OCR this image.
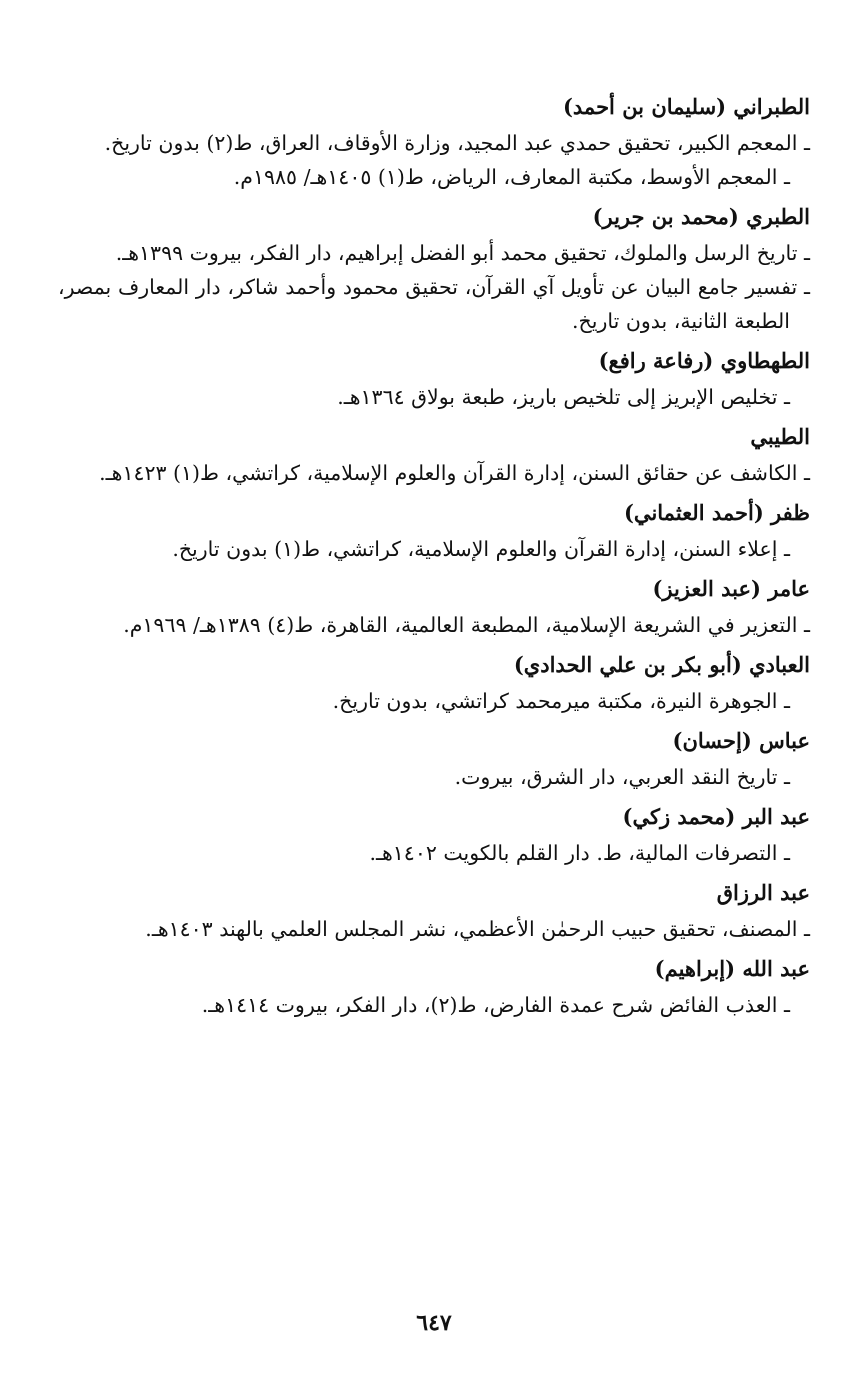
الطبراني (سليمان بن أحمد)
ـ المعجم الكبير، تحقيق حمدي عبد المجيد، وزارة الأوقاف، العراق، ط(٢) بدون تاريخ.
ـ المعجم الأوسط، مكتبة المعارف، الرياض، ط(١) ١٤٠٥هـ/ ١٩٨٥م.
الطبري (محمد بن جرير)
ـ تاريخ الرسل والملوك، تحقيق محمد أبو الفضل إبراهيم، دار الفكر، بيروت ١٣٩٩هـ.
ـ تفسير جامع البيان عن تأويل آي القرآن، تحقيق محمود وأحمد شاكر، دار المعارف بمصر، الطبعة الثانية، بدون تاريخ.
الطهطاوي (رفاعة رافع)
ـ تخليص الإبريز إلى تلخيص باريز، طبعة بولاق ١٣٦٤هـ.
الطيبي
ـ الكاشف عن حقائق السنن، إدارة القرآن والعلوم الإسلامية، كراتشي، ط(١) ١٤٢٣هـ.
ظفر (أحمد العثماني)
ـ إعلاء السنن، إدارة القرآن والعلوم الإسلامية، كراتشي، ط(١) بدون تاريخ.
عامر (عبد العزيز)
ـ التعزير في الشريعة الإسلامية، المطبعة العالمية، القاهرة، ط(٤) ١٣٨٩هـ/ ١٩٦٩م.
العبادي (أبو بكر بن علي الحدادي)
ـ الجوهرة النيرة، مكتبة ميرمحمد كراتشي، بدون تاريخ.
عباس (إحسان)
ـ تاريخ النقد العربي، دار الشرق، بيروت.
عبد البر (محمد زكي)
ـ التصرفات المالية، ط. دار القلم بالكويت ١٤٠٢هـ.
عبد الرزاق
ـ المصنف، تحقيق حبيب الرحمٰن الأعظمي، نشر المجلس العلمي بالهند ١٤٠٣هـ.
عبد الله (إبراهيم)
ـ العذب الفائض شرح عمدة الفارض، ط(٢)، دار الفكر، بيروت ١٤١٤هـ.
٦٤٧
